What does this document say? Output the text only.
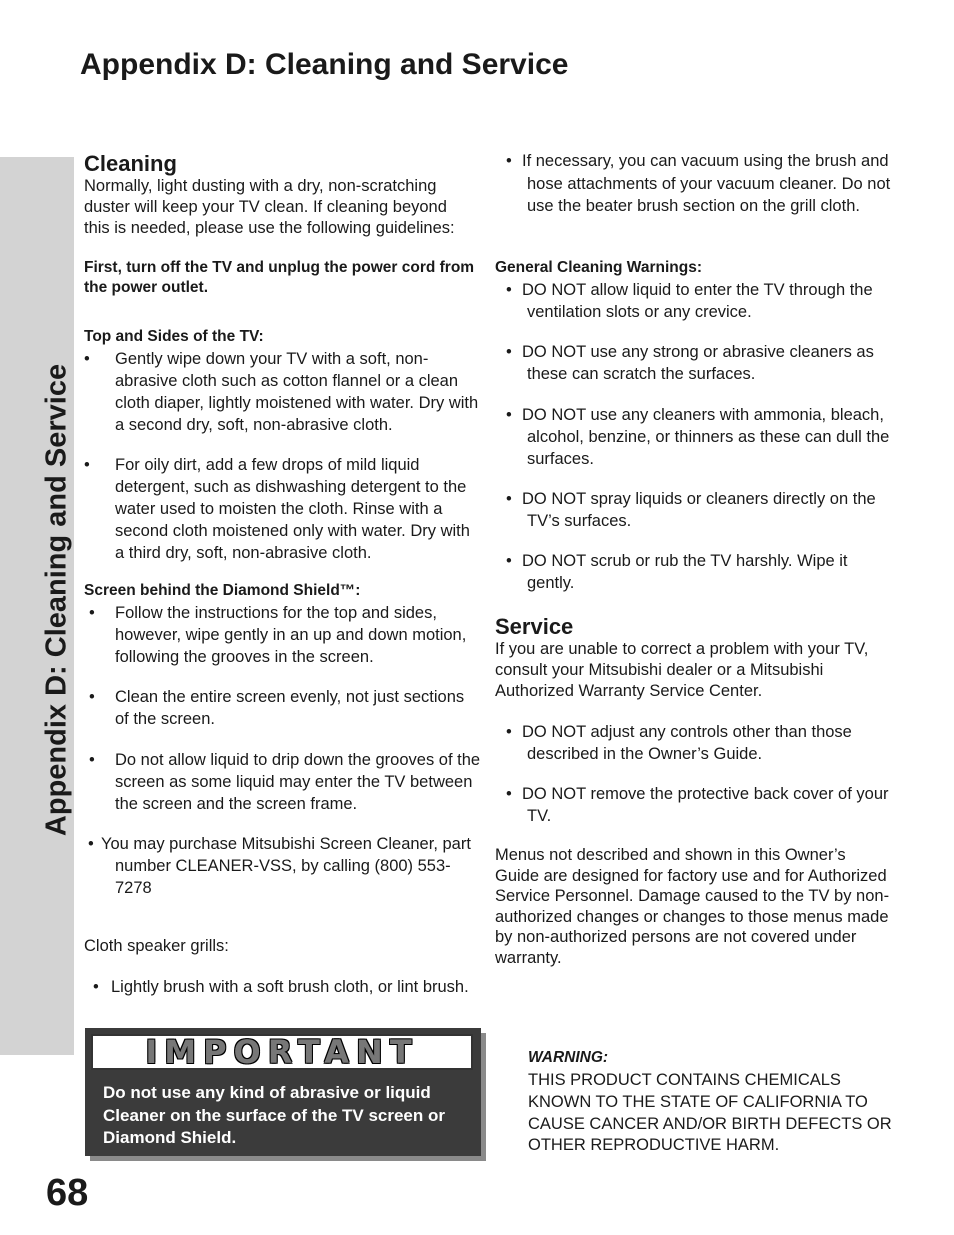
Appendix D: Cleaning and Service
Appendix D: Cleaning and Service
Cleaning
Normally, light dusting with a dry, non-scratching duster will keep your TV clean. If cleaning beyond this is needed, please use the following guidelines:
First, turn off the TV and unplug the power cord from the power outlet.
Top and Sides of the TV:
• Gently wipe down your TV with a soft, non-abrasive cloth such as cotton flannel or a clean cloth diaper, lightly moistened with water. Dry with a second dry, soft, non-abrasive cloth.
• For oily dirt, add a few drops of mild liquid detergent, such as dishwashing detergent to the water used to moisten the cloth. Rinse with a second cloth moistened only with water. Dry with a third dry, soft, non-abrasive cloth.
Screen behind the Diamond Shield™:
• Follow the instructions for the top and sides, however, wipe gently in an up and down motion, following the grooves in the screen.
• Clean the entire screen evenly, not just sections of the screen.
• Do not allow liquid to drip down the grooves of the screen as some liquid may enter the TV between the screen and the screen frame.
• You may purchase Mitsubishi Screen Cleaner, part number CLEANER-VSS, by calling (800) 553-7278
Cloth speaker grills:
• Lightly brush with a soft brush cloth, or lint brush.
• If necessary, you can vacuum using the brush and hose attachments of your vacuum cleaner. Do not use the beater brush section on the grill cloth.
General Cleaning Warnings:
• DO NOT allow liquid to enter the TV through the ventilation slots or any crevice.
• DO NOT use any strong or abrasive cleaners as these can scratch the surfaces.
• DO NOT use any cleaners with ammonia, bleach, alcohol, benzine, or thinners as these can dull the surfaces.
• DO NOT spray liquids or cleaners directly on the TV’s surfaces.
• DO NOT scrub or rub the TV harshly. Wipe it gently.
Service
If you are unable to correct a problem with your TV, consult your Mitsubishi dealer or a Mitsubishi Authorized Warranty Service Center.
• DO NOT adjust any controls other than those described in the Owner’s Guide.
• DO NOT remove the protective back cover of your TV.
Menus not described and shown in this Owner’s Guide are designed for factory use and for Authorized Service Personnel. Damage caused to the TV by non-authorized changes or changes to those menus made by non-authorized persons are not covered under warranty.
IMPORTANT
Do not use any kind of abrasive or liquid Cleaner on the surface of the TV screen or Diamond Shield.
WARNING:
THIS PRODUCT CONTAINS CHEMICALS KNOWN TO THE STATE OF CALIFORNIA TO CAUSE CANCER AND/OR BIRTH DEFECTS OR OTHER REPRODUCTIVE HARM.
68
